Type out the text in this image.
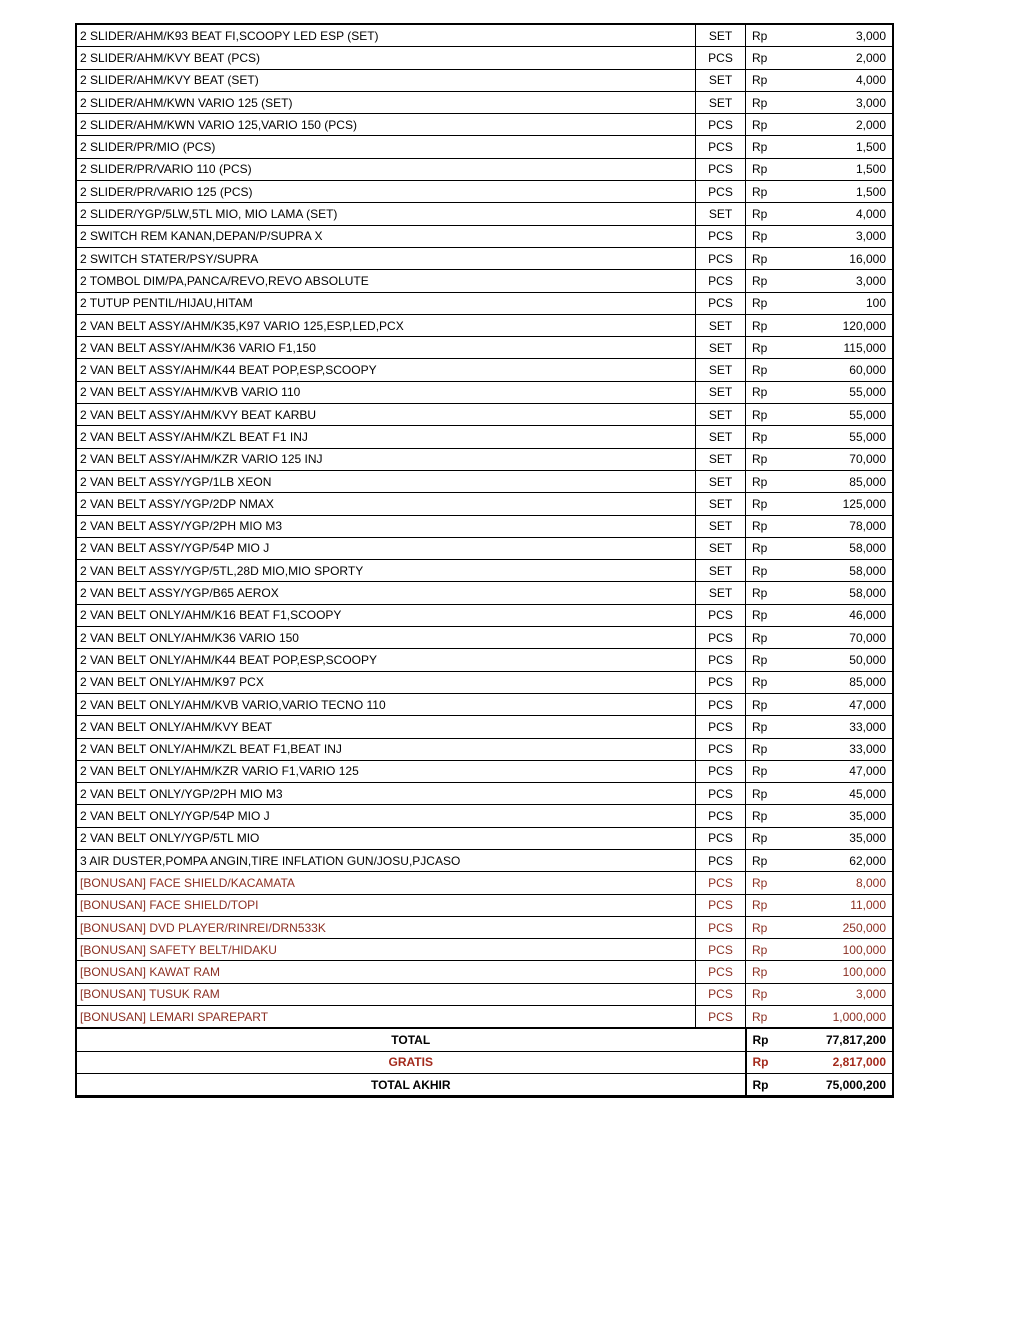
2 SLIDER/AHM/K93 BEAT FI,SCOOPY LED ESP (SET)	SET	Rp	3,000
2 SLIDER/AHM/KVY BEAT (PCS)	PCS	Rp	2,000
2 SLIDER/AHM/KVY BEAT (SET)	SET	Rp	4,000
2 SLIDER/AHM/KWN VARIO 125 (SET)	SET	Rp	3,000
2 SLIDER/AHM/KWN VARIO 125,VARIO 150 (PCS)	PCS	Rp	2,000
2 SLIDER/PR/MIO (PCS)	PCS	Rp	1,500
2 SLIDER/PR/VARIO 110 (PCS)	PCS	Rp	1,500
2 SLIDER/PR/VARIO 125 (PCS)	PCS	Rp	1,500
2 SLIDER/YGP/5LW,5TL MIO, MIO LAMA (SET)	SET	Rp	4,000
2 SWITCH REM KANAN,DEPAN/P/SUPRA X	PCS	Rp	3,000
2 SWITCH STATER/PSY/SUPRA	PCS	Rp	16,000
2 TOMBOL DIM/PA,PANCA/REVO,REVO ABSOLUTE	PCS	Rp	3,000
2 TUTUP PENTIL/HIJAU,HITAM	PCS	Rp	100
2 VAN BELT ASSY/AHM/K35,K97 VARIO 125,ESP,LED,PCX	SET	Rp	120,000
2 VAN BELT ASSY/AHM/K36 VARIO F1,150	SET	Rp	115,000
2 VAN BELT ASSY/AHM/K44 BEAT POP,ESP,SCOOPY	SET	Rp	60,000
2 VAN BELT ASSY/AHM/KVB VARIO 110	SET	Rp	55,000
2 VAN BELT ASSY/AHM/KVY BEAT KARBU	SET	Rp	55,000
2 VAN BELT ASSY/AHM/KZL BEAT F1 INJ	SET	Rp	55,000
2 VAN BELT ASSY/AHM/KZR VARIO 125 INJ	SET	Rp	70,000
2 VAN BELT ASSY/YGP/1LB XEON	SET	Rp	85,000
2 VAN BELT ASSY/YGP/2DP NMAX	SET	Rp	125,000
2 VAN BELT ASSY/YGP/2PH MIO M3	SET	Rp	78,000
2 VAN BELT ASSY/YGP/54P MIO J	SET	Rp	58,000
2 VAN BELT ASSY/YGP/5TL,28D MIO,MIO SPORTY	SET	Rp	58,000
2 VAN BELT ASSY/YGP/B65 AEROX	SET	Rp	58,000
2 VAN BELT ONLY/AHM/K16 BEAT F1,SCOOPY	PCS	Rp	46,000
2 VAN BELT ONLY/AHM/K36 VARIO 150	PCS	Rp	70,000
2 VAN BELT ONLY/AHM/K44 BEAT POP,ESP,SCOOPY	PCS	Rp	50,000
2 VAN BELT ONLY/AHM/K97 PCX	PCS	Rp	85,000
2 VAN BELT ONLY/AHM/KVB VARIO,VARIO TECNO 110	PCS	Rp	47,000
2 VAN BELT ONLY/AHM/KVY BEAT	PCS	Rp	33,000
2 VAN BELT ONLY/AHM/KZL BEAT F1,BEAT INJ	PCS	Rp	33,000
2 VAN BELT ONLY/AHM/KZR VARIO F1,VARIO 125	PCS	Rp	47,000
2 VAN BELT ONLY/YGP/2PH MIO M3	PCS	Rp	45,000
2 VAN BELT ONLY/YGP/54P MIO J	PCS	Rp	35,000
2 VAN BELT ONLY/YGP/5TL MIO	PCS	Rp	35,000
3 AIR DUSTER,POMPA ANGIN,TIRE INFLATION GUN/JOSU,PJCASO	PCS	Rp	62,000
[BONUSAN] FACE SHIELD/KACAMATA	PCS	Rp	8,000
[BONUSAN] FACE SHIELD/TOPI	PCS	Rp	11,000
[BONUSAN] DVD PLAYER/RINREI/DRN533K	PCS	Rp	250,000
[BONUSAN] SAFETY BELT/HIDAKU	PCS	Rp	100,000
[BONUSAN] KAWAT RAM	PCS	Rp	100,000
[BONUSAN] TUSUK RAM	PCS	Rp	3,000
[BONUSAN] LEMARI SPAREPART	PCS	Rp	1,000,000
TOTAL		Rp	77,817,200
GRATIS		Rp	2,817,000
TOTAL AKHIR		Rp	75,000,200
